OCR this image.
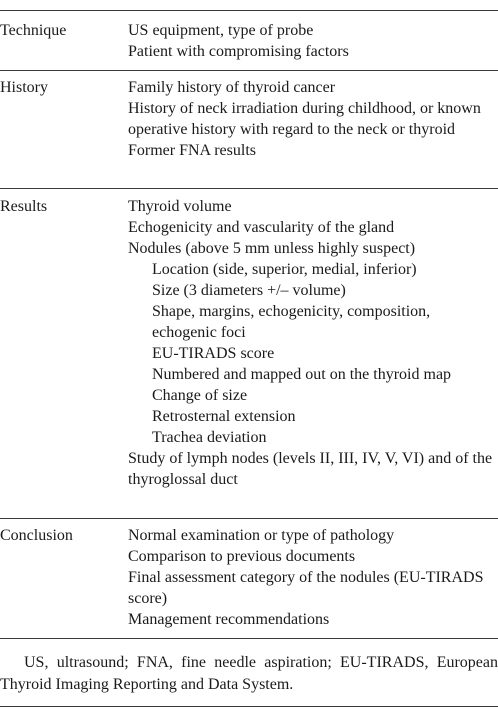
Technique	US equipment, type of probe
Patient with compromising factors
History	Family history of thyroid cancer
History of neck irradiation during childhood, or known operative history with regard to the neck or thyroid
Former FNA results
Results	Thyroid volume
Echogenicity and vascularity of the gland
Nodules (above 5 mm unless highly suspect)
Location (side, superior, medial, inferior)
Size (3 diameters +/– volume)
Shape, margins, echogenicity, composition, echogenic foci
EU-TIRADS score
Numbered and mapped out on the thyroid map
Change of size
Retrosternal extension
Trachea deviation
Study of lymph nodes (levels II, III, IV, V, VI) and of the thyroglossal duct
Conclusion	Normal examination or type of pathology
Comparison to previous documents
Final assessment category of the nodules (EU-TIRADS score)
Management recommendations
US, ultrasound; FNA, fine needle aspiration; EU-TIRADS, European Thyroid Imaging Reporting and Data System.
